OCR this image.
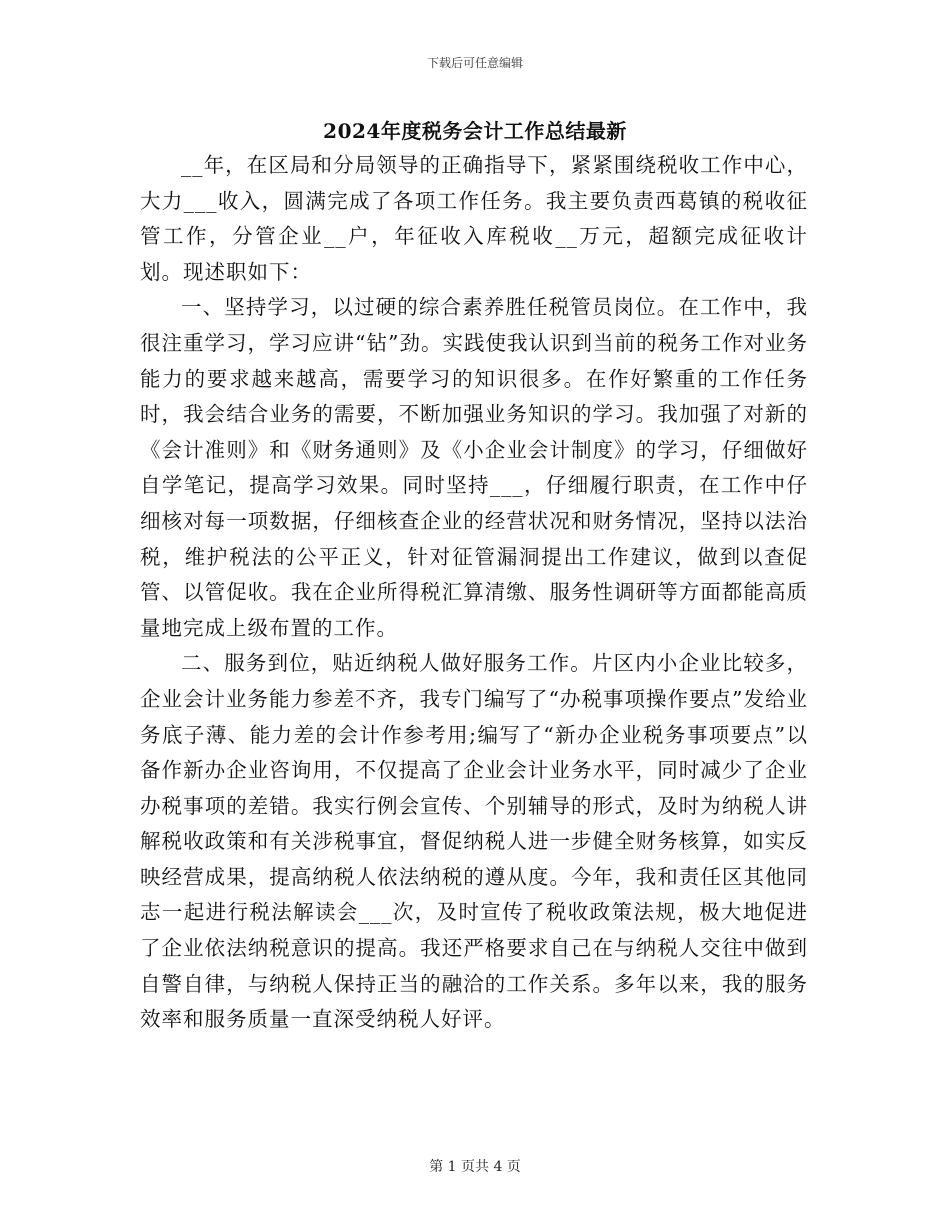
下载后可任意编辑
2024年度税务会计工作总结最新

__年，在区局和分局领导的正确指导下，紧紧围绕税收工作中心，大力___收入，圆满完成了各项工作任务。我主要负责西葛镇的税收征管工作，分管企业__户，年征收入库税收__万元，超额完成征收计划。现述职如下：

一、坚持学习，以过硬的综合素养胜任税管员岗位。在工作中，我很注重学习，学习应讲“钻”劲。实践使我认识到当前的税务工作对业务能力的要求越来越高，需要学习的知识很多。在作好繁重的工作任务时，我会结合业务的需要，不断加强业务知识的学习。我加强了对新的《会计准则》和《财务通则》及《小企业会计制度》的学习，仔细做好自学笔记，提高学习效果。同时坚持___，仔细履行职责，在工作中仔细核对每一项数据，仔细核查企业的经营状况和财务情况，坚持以法治税，维护税法的公平正义，针对征管漏洞提出工作建议，做到以查促管、以管促收。我在企业所得税汇算清缴、服务性调研等方面都能高质量地完成上级布置的工作。

二、服务到位，贴近纳税人做好服务工作。片区内小企业比较多，企业会计业务能力参差不齐，我专门编写了“办税事项操作要点”发给业务底子薄、能力差的会计作参考用;编写了“新办企业税务事项要点”以备作新办企业咨询用，不仅提高了企业会计业务水平，同时减少了企业办税事项的差错。我实行例会宣传、个别辅导的形式，及时为纳税人讲解税收政策和有关涉税事宜，督促纳税人进一步健全财务核算，如实反映经营成果，提高纳税人依法纳税的遵从度。今年，我和责任区其他同志一起进行税法解读会___次，及时宣传了税收政策法规，极大地促进了企业依法纳税意识的提高。我还严格要求自己在与纳税人交往中做到自警自律，与纳税人保持正当的融洽的工作关系。多年以来，我的服务效率和服务质量一直深受纳税人好评。

第 1 页共 4 页
